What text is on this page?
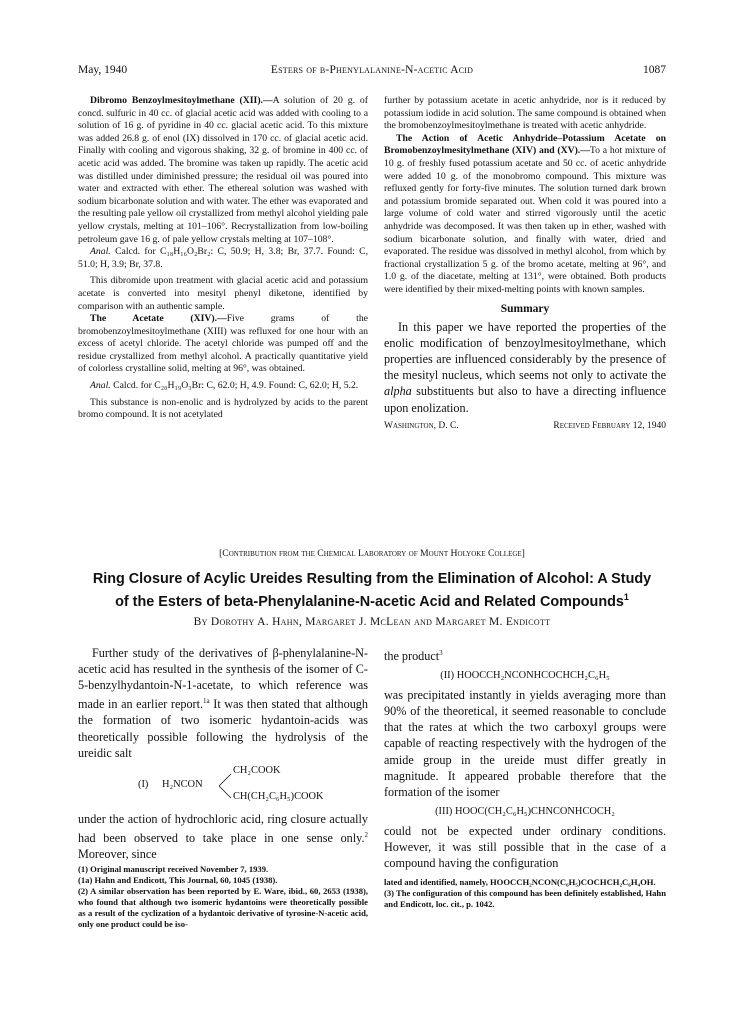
May, 1940	Esters of β-Phenylalanine-N-acetic Acid	1087

Dibromo Benzoylmesitoylmethane (XII).—A solution of 20 g. of concd. sulfuric in 40 cc. of glacial acetic acid was added with cooling to a solution of 16 g. of pyridine in 40 cc. glacial acetic acid. To this mixture was added 26.8 g. of enol (IX) dissolved in 170 cc. of glacial acetic acid. Finally with cooling and vigorous shaking, 32 g. of bromine in 400 cc. of acetic acid was added. The bromine was taken up rapidly. The acetic acid was distilled under diminished pressure; the residual oil was poured into water and extracted with ether. The ethereal solution was washed with sodium bicarbonate solution and with water. The ether was evaporated and the resulting pale yellow oil crystallized from methyl alcohol yielding pale yellow crystals, melting at 101–106°. Recrystallization from low-boiling petroleum gave 16 g. of pale yellow crystals melting at 107–108°.

Anal. Calcd. for C₁₈H₁₆O₂Br₂: C, 50.9; H, 3.8; Br, 37.7. Found: C, 51.0; H, 3.9; Br, 37.8.

This dibromide upon treatment with glacial acetic acid and potassium acetate is converted into mesityl phenyl diketone, identified by comparison with an authentic sample.

The Acetate (XIV).—Five grams of the bromobenzoylmesitoylmethane (XIII) was refluxed for one hour with an excess of acetyl chloride. The acetyl chloride was pumped off and the residue crystallized from methyl alcohol. A practically quantitative yield of colorless crystalline solid, melting at 96°, was obtained.

Anal. Calcd. for C₂₀H₁₉O₃Br: C, 62.0; H, 4.9. Found: C, 62.0; H, 5.2.

This substance is non-enolic and is hydrolyzed by acids to the parent bromo compound. It is not acetylated

further by potassium acetate in acetic anhydride, nor is it reduced by potassium iodide in acid solution. The same compound is obtained when the bromobenzoylmesitoylmethane is treated with acetic anhydride.

The Action of Acetic Anhydride–Potassium Acetate on Bromobenzoylmesitylmethane (XIV) and (XV).—To a hot mixture of 10 g. of freshly fused potassium acetate and 50 cc. of acetic anhydride were added 10 g. of the monobromo compound. This mixture was refluxed gently for forty-five minutes. The solution turned dark brown and potassium bromide separated out. When cold it was poured into a large volume of cold water and stirred vigorously until the acetic anhydride was decomposed. It was then taken up in ether, washed with sodium bicarbonate solution, and finally with water, dried and evaporated. The residue was dissolved in methyl alcohol, from which by fractional crystallization 5 g. of the bromo acetate, melting at 96°, and 1.0 g. of the diacetate, melting at 131°, were obtained. Both products were identified by their mixed-melting points with known samples.

Summary

In this paper we have reported the properties of the enolic modification of benzoylmesitoylmethane, which properties are influenced considerably by the presence of the mesityl nucleus, which seems not only to activate the alpha substituents but also to have a directing influence upon enolization.

Washington, D. C.	Received February 12, 1940
[Contribution from the Chemical Laboratory of Mount Holyoke College]
Ring Closure of Acylic Ureides Resulting from the Elimination of Alcohol: A Study
of the Esters of beta-Phenylalanine-N-acetic Acid and Related Compounds$^1$
By Dorothy A. Hahn, Margaret J. McLean and Margaret M. Endicott

Further study of the derivatives of β-phenylalanine-N-acetic acid has resulted in the synthesis of the isomer of C-5-benzylhydantoin-N-1-acetate, to which reference was made in an earlier report.$^{1a}$ It was then stated that although the formation of two isomeric hydantoin-acids was theoretically possible following the hydrolysis of the ureidic salt

(I) H₂NCON
CH₂COOK
CH(CH₂C₆H₅)COOK

under the action of hydrochloric acid, ring closure actually had been observed to take place in one sense only.$^2$ Moreover, since

(1) Original manuscript received November 7, 1939.

(1a) Hahn and Endicott, This Journal, 60, 1045 (1938).

(2) A similar observation has been reported by E. Ware, ibid., 60, 2653 (1938), who found that although two isomeric hydantoins were theoretically possible as a result of the cyclization of a hydantoic derivative of tyrosine-N-acetic acid, only one product could be iso-

the product$^3$

(II) HOOCCH₂NCONHCOCHCH₂C₆H₅

was precipitated instantly in yields averaging more than 90% of the theoretical, it seemed reasonable to conclude that the rates at which the two carboxyl groups were capable of reacting respectively with the hydrogen of the amide group in the ureide must differ greatly in magnitude. It appeared probable therefore that the formation of the isomer

(III) HOOC(CH₂C₆H₅)CHNCONHCOCH₂

could not be expected under ordinary conditions. However, it was still possible that in the case of a compound having the configuration

lated and identified, namely, HOOCCH₂NCON(C₆H₅)COCHCH₂C₆H₄OH.

(3) The configuration of this compound has been definitely established, Hahn and Endicott, loc. cit., p. 1042.
